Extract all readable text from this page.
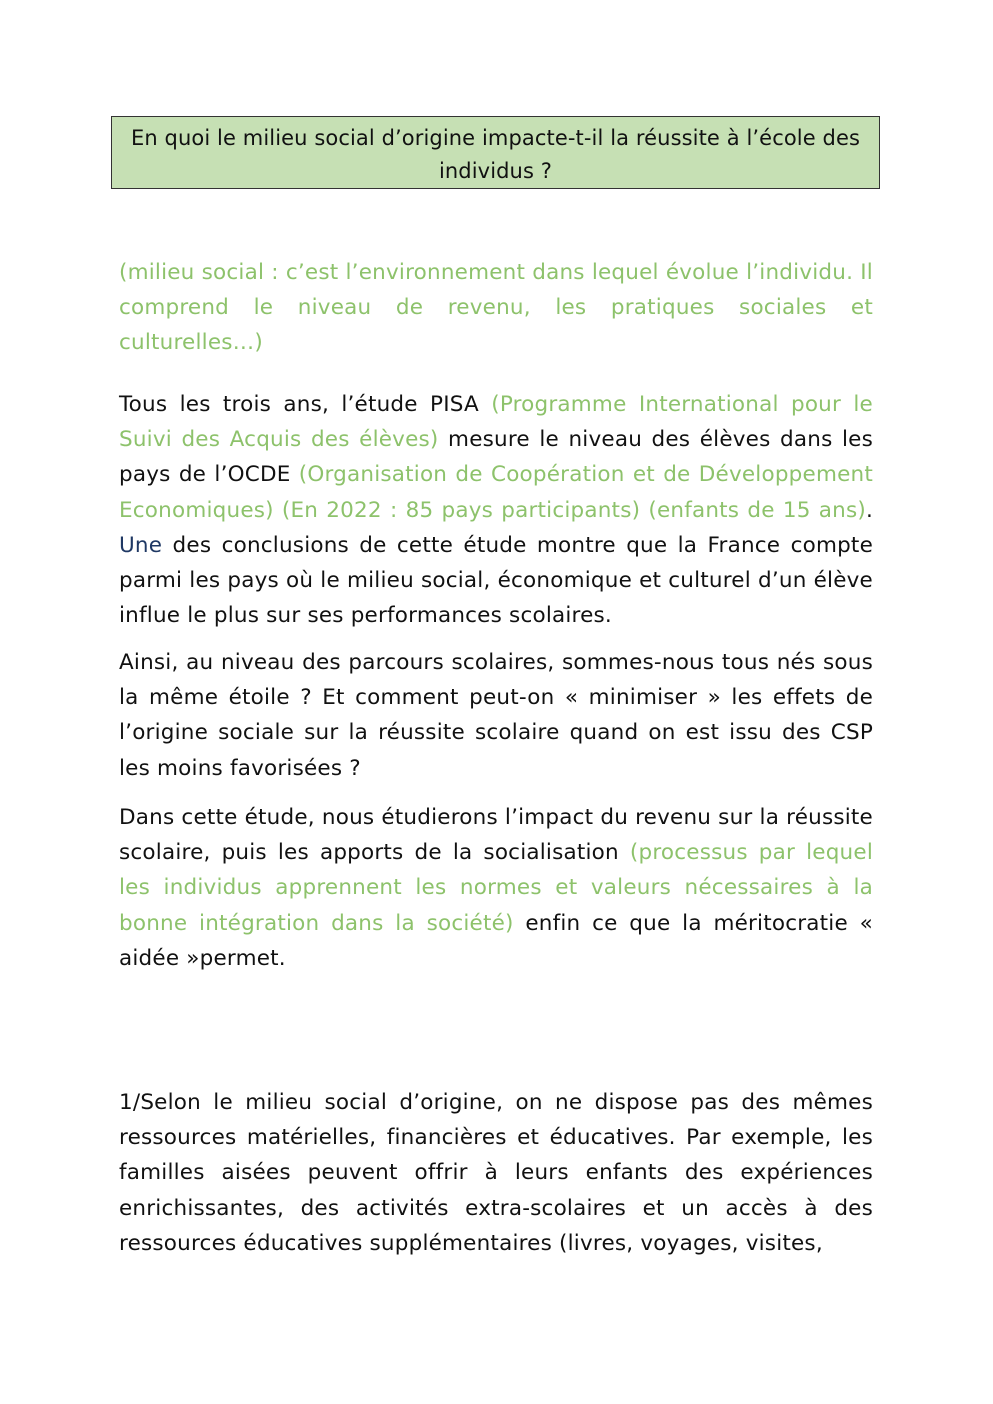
En quoi le milieu social d’origine impacte-t-il la réussite à l’école des individus ?

(milieu social : c’est l’environnement dans lequel évolue l’individu. Il comprend le niveau de revenu, les pratiques sociales et culturelles…)

Tous les trois ans, l’étude PISA (Programme International pour le Suivi des Acquis des élèves) mesure le niveau des élèves dans les pays de l’OCDE (Organisation de Coopération et de Développement Economiques) (En 2022 : 85 pays participants) (enfants de 15 ans). Une des conclusions de cette étude montre que la France compte parmi les pays où le milieu social, économique et culturel d’un élève influe le plus sur ses performances scolaires.

Ainsi, au niveau des parcours scolaires, sommes-nous tous nés sous la même étoile ? Et comment peut-on « minimiser » les effets de l’origine sociale sur la réussite scolaire quand on est issu des CSP les moins favorisées ?

Dans cette étude, nous étudierons l’impact du revenu sur la réussite scolaire, puis les apports de la socialisation (processus par lequel les individus apprennent les normes et valeurs nécessaires à la bonne intégration dans la société) enfin ce que la méritocratie « aidée »permet.

1/Selon le milieu social d’origine, on ne dispose pas des mêmes ressources matérielles, financières et éducatives. Par exemple, les familles aisées peuvent offrir à leurs enfants des expériences enrichissantes, des activités extra-scolaires et un accès à des ressources éducatives supplémentaires (livres, voyages, visites,
